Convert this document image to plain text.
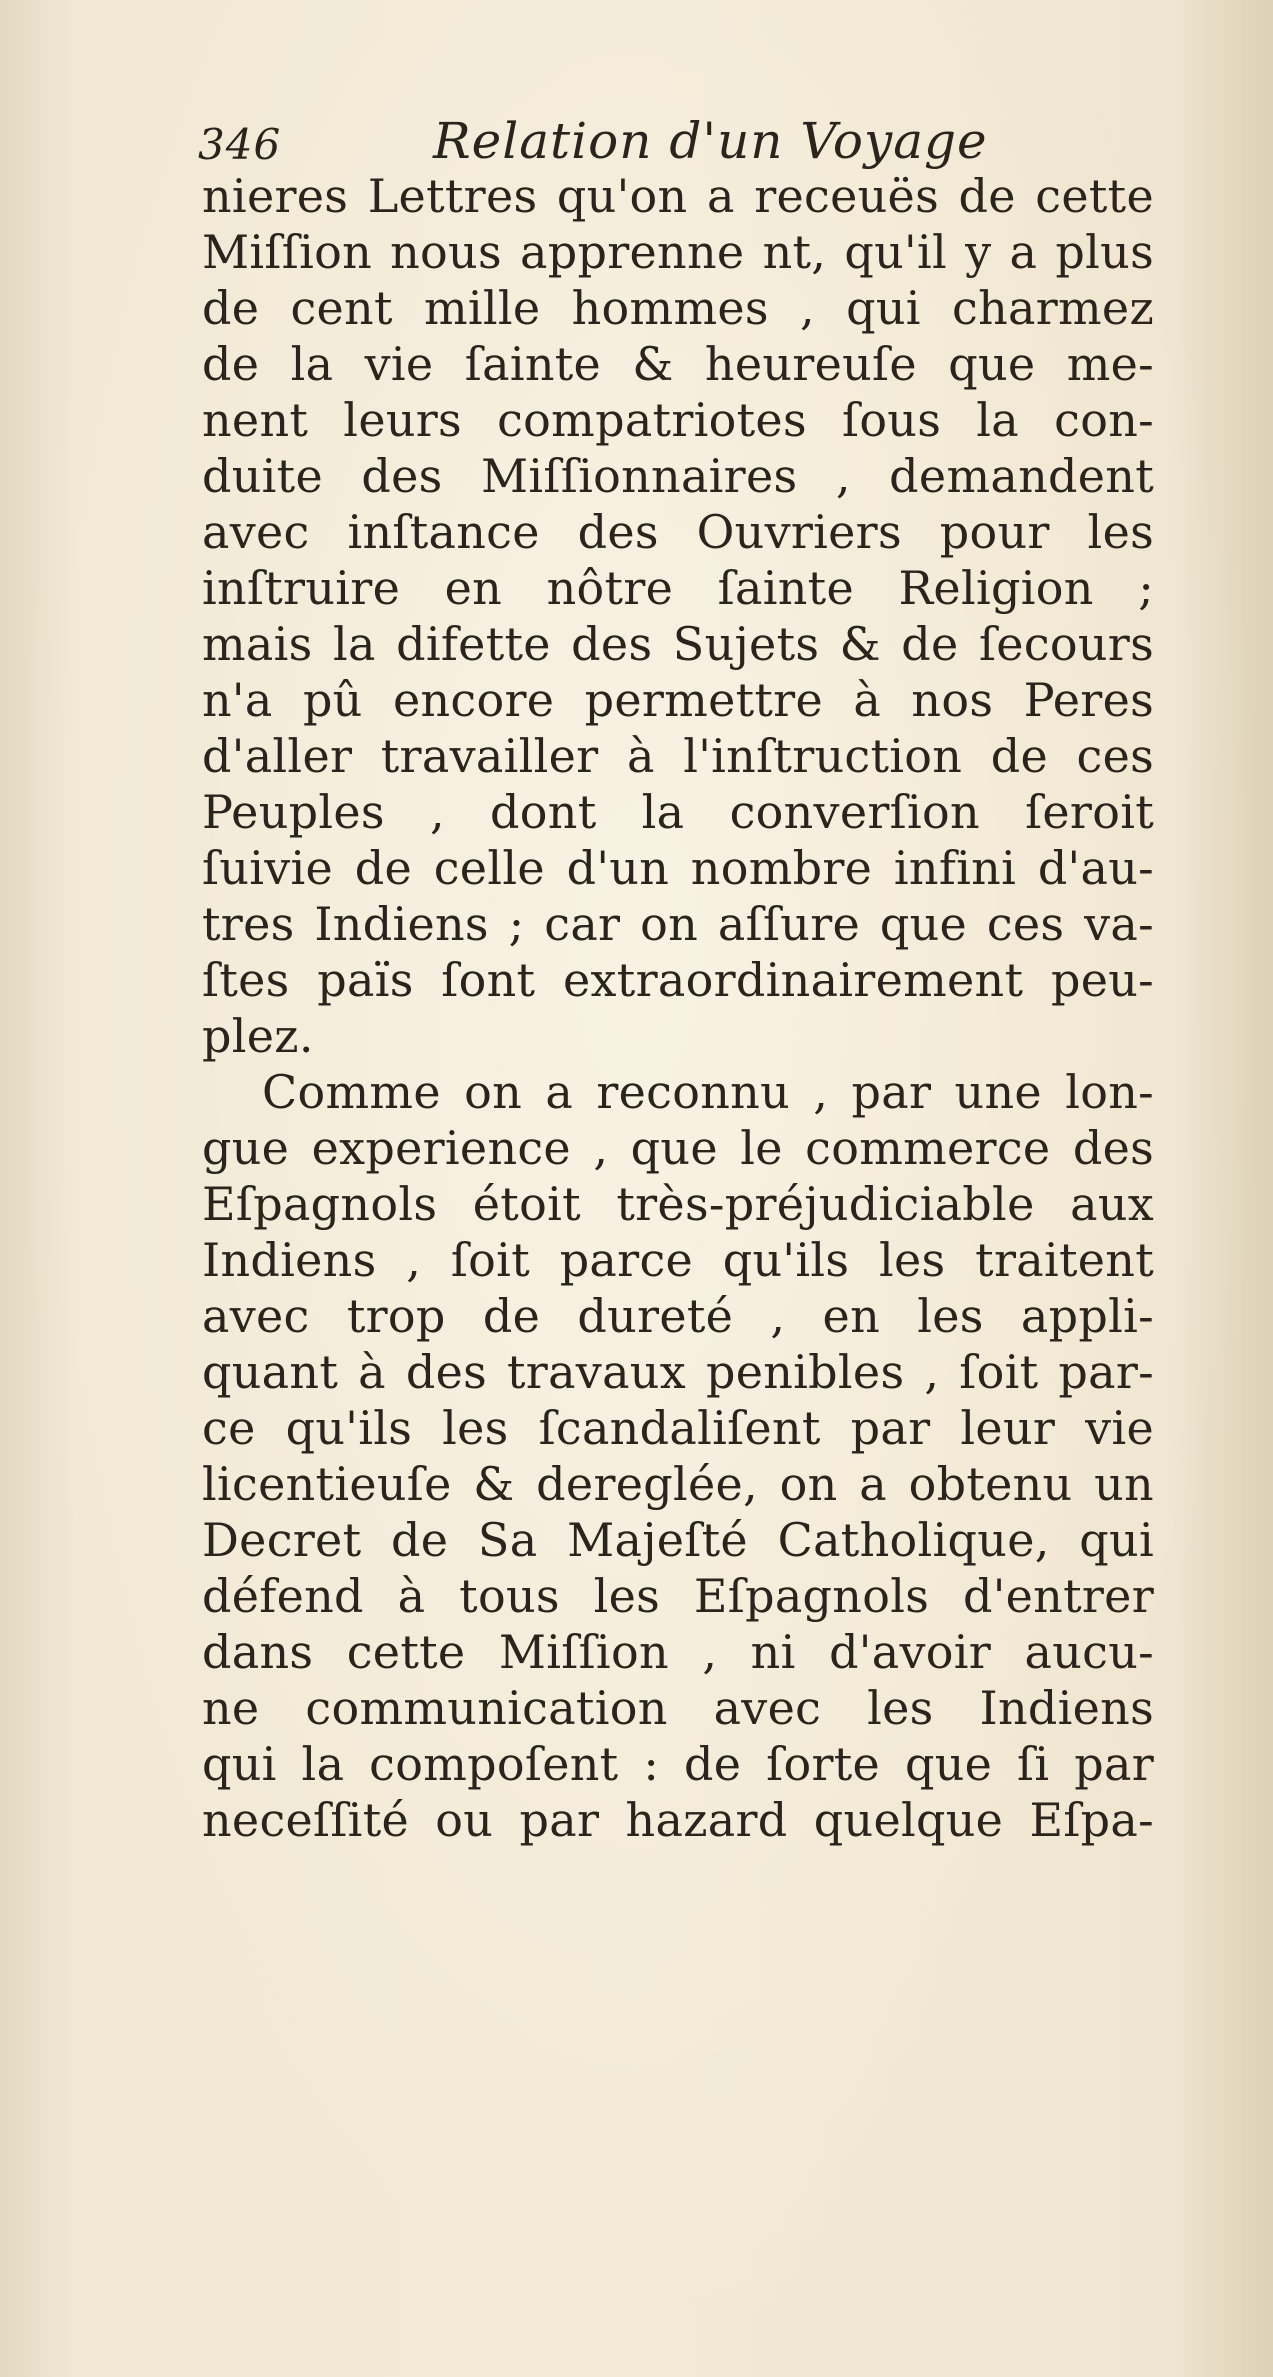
346	Relation d'un Voyage
nieres Lettres qu'on a receuës de cette
Miſſion nous apprenne nt, qu'il y a plus
de cent mille hommes , qui charmez
de la vie ſainte & heureuſe que me-
nent leurs compatriotes ſous la con-
duite des Miſſionnaires , demandent
avec inſtance des Ouvriers pour les
inſtruire en nôtre ſainte Religion ;
mais la difette des Sujets & de ſecours
n'a pû encore permettre à nos Peres
d'aller travailler à l'inſtruction de ces
Peuples , dont la converſion ſeroit
ſuivie de celle d'un nombre infini d'au-
tres Indiens ; car on aſſure que ces va-
ſtes païs ſont extraordinairement peu-
plez.
Comme on a reconnu , par une lon-
gue experience , que le commerce des
Eſpagnols étoit très-préjudiciable aux
Indiens , ſoit parce qu'ils les traitent
avec trop de dureté , en les appli-
quant à des travaux penibles , ſoit par-
ce qu'ils les ſcandaliſent par leur vie
licentieuſe & dereglée, on a obtenu un
Decret de Sa Majeſté Catholique, qui
défend à tous les Eſpagnols d'entrer
dans cette Miſſion , ni d'avoir aucu-
ne communication avec les Indiens
qui la compoſent : de ſorte que ſi par
neceſſité ou par hazard quelque Eſpa-
